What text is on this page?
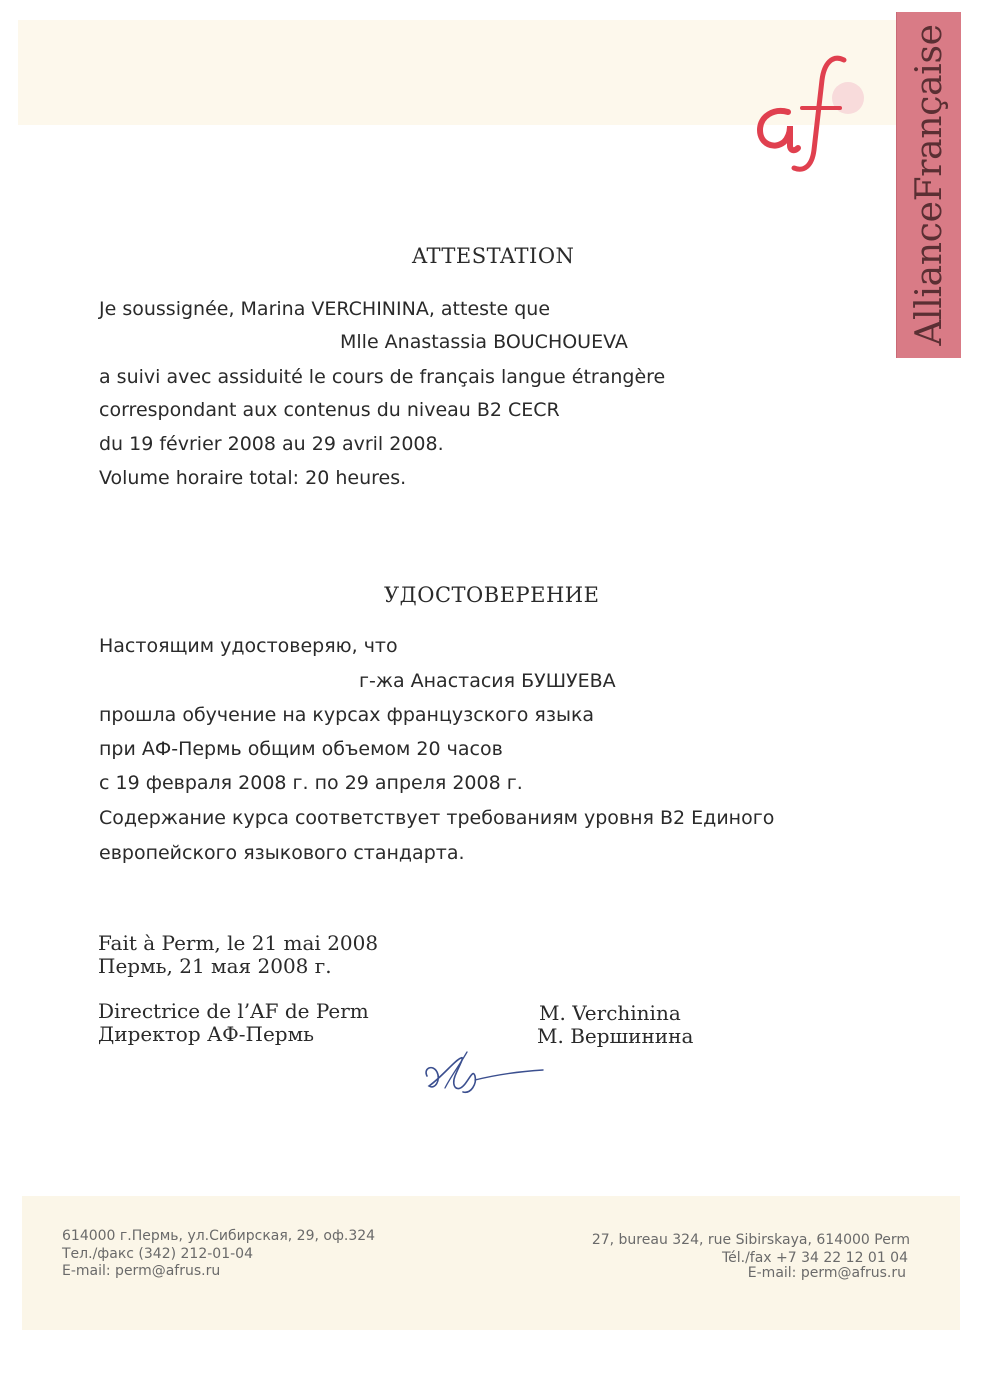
AllianceFrançaise
ATTESTATION
Je soussignée, Marina VERCHININA, atteste que
Mlle Anastassia BOUCHOUEVA
a suivi avec assiduité le cours de français langue étrangère
correspondant aux contenus du niveau B2 CECR
du 19 février 2008 au 29 avril 2008.
Volume horaire total: 20 heures.
УДОСТОВЕРЕНИЕ
Настоящим удостоверяю, что
г-жа Анастасия БУШУЕВА
прошла обучение на курсах французского языка
при АФ-Пермь общим объемом 20 часов
с 19 февраля 2008 г. по 29 апреля 2008 г.
Содержание курса соответствует требованиям уровня В2 Единого
европейского языкового стандарта.
Fait à Perm, le 21 mai 2008
Пермь, 21 мая 2008 г.
Directrice de l’AF de Perm
Директор АФ-Пермь
M. Verchinina
М. Вершинина
614000 г.Пермь, ул.Сибирская, 29, оф.324
Тел./факс (342) 212-01-04
E-mail: perm@afrus.ru
27, bureau 324, rue Sibirskaya, 614000 Perm
Tél./fax +7 34 22 12 01 04
E-mail: perm@afrus.ru
